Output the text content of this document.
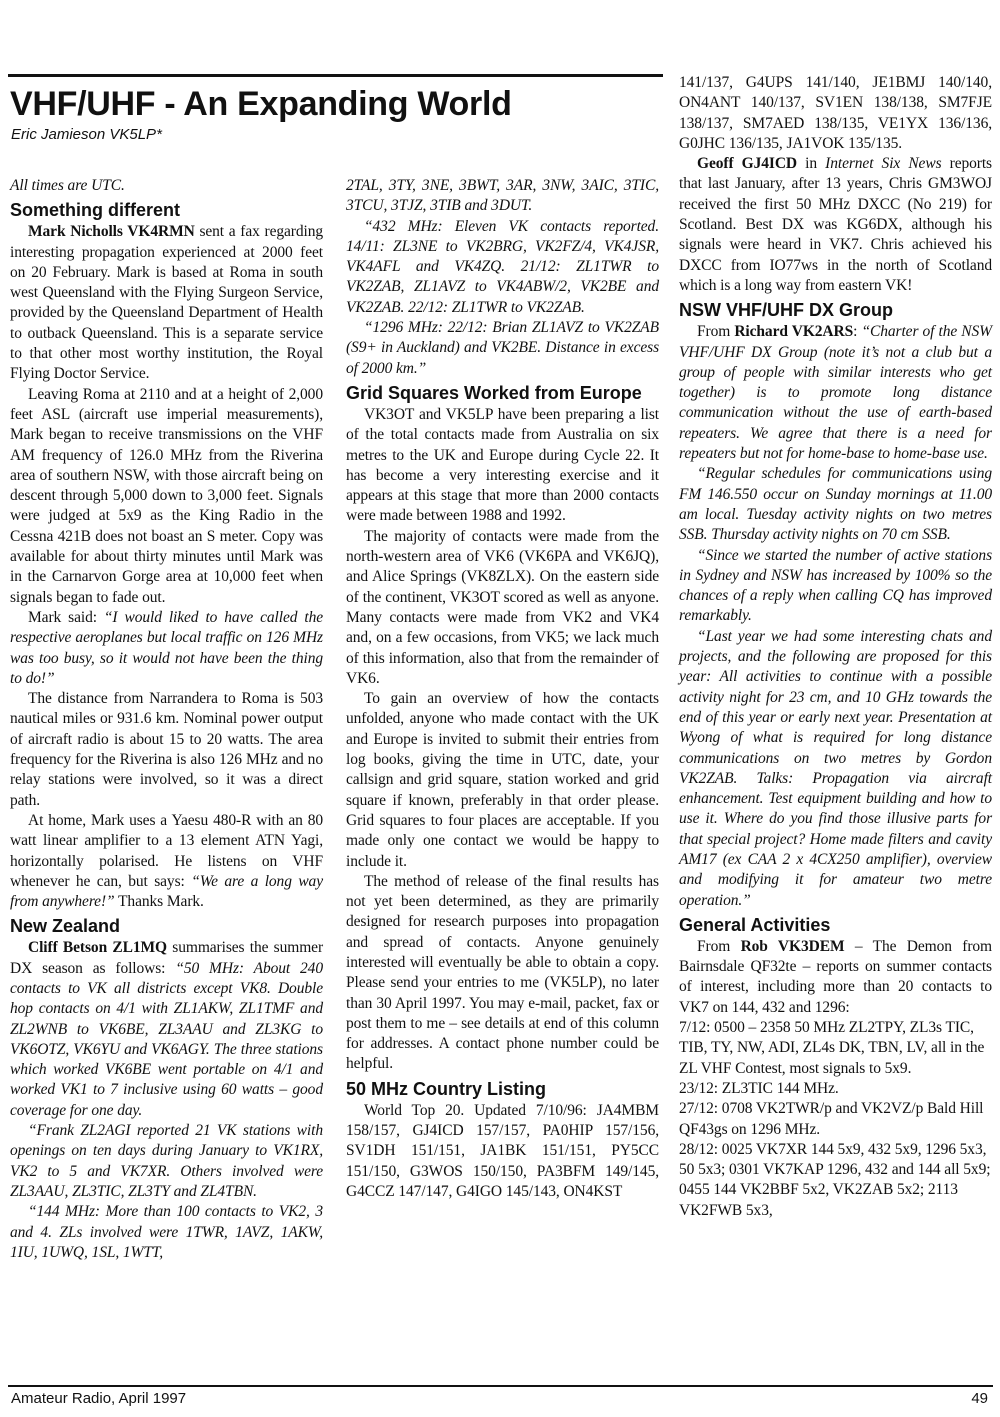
VHF/UHF - An Expanding World
Eric Jamieson VK5LP*

All times are UTC.

Something different

Mark Nicholls VK4RMN sent a fax regarding interesting propagation experienced at 2000 feet on 20 February. Mark is based at Roma in south west Queensland with the Flying Surgeon Service, provided by the Queensland Department of Health to outback Queensland. This is a separate service to that other most worthy institution, the Royal Flying Doctor Service.

Leaving Roma at 2110 and at a height of 2,000 feet ASL (aircraft use imperial measurements), Mark began to receive transmissions on the VHF AM frequency of 126.0 MHz from the Riverina area of southern NSW, with those aircraft being on descent through 5,000 down to 3,000 feet. Signals were judged at 5x9 as the King Radio in the Cessna 421B does not boast an S meter. Copy was available for about thirty minutes until Mark was in the Carnarvon Gorge area at 10,000 feet when signals began to fade out.

Mark said: “I would liked to have called the respective aeroplanes but local traffic on 126 MHz was too busy, so it would not have been the thing to do!”

The distance from Narrandera to Roma is 503 nautical miles or 931.6 km. Nominal power output of aircraft radio is about 15 to 20 watts. The area frequency for the Riverina is also 126 MHz and no relay stations were involved, so it was a direct path.

At home, Mark uses a Yaesu 480-R with an 80 watt linear amplifier to a 13 element ATN Yagi, horizontally polarised. He listens on VHF whenever he can, but says: “We are a long way from anywhere!” Thanks Mark.

New Zealand

Cliff Betson ZL1MQ summarises the summer DX season as follows: “50 MHz: About 240 contacts to VK all districts except VK8. Double hop contacts on 4/1 with ZL1AKW, ZL1TMF and ZL2WNB to VK6BE, ZL3AAU and ZL3KG to VK6OTZ, VK6YU and VK6AGY. The three stations which worked VK6BE went portable on 4/1 and worked VK1 to 7 inclusive using 60 watts – good coverage for one day.

“Frank ZL2AGI reported 21 VK stations with openings on ten days during January to VK1RX, VK2 to 5 and VK7XR. Others involved were ZL3AAU, ZL3TIC, ZL3TY and ZL4TBN.

“144 MHz: More than 100 contacts to VK2, 3 and 4. ZLs involved were 1TWR, 1AVZ, 1AKW, 1IU, 1UWQ, 1SL, 1WTT,

2TAL, 3TY, 3NE, 3BWT, 3AR, 3NW, 3AIC, 3TIC, 3TCU, 3TJZ, 3TIB and 3DUT.

“432 MHz: Eleven VK contacts reported. 14/11: ZL3NE to VK2BRG, VK2FZ/4, VK4JSR, VK4AFL and VK4ZQ. 21/12: ZL1TWR to VK2ZAB, ZL1AVZ to VK4ABW/2, VK2BE and VK2ZAB. 22/12: ZL1TWR to VK2ZAB.

“1296 MHz: 22/12: Brian ZL1AVZ to VK2ZAB (S9+ in Auckland) and VK2BE. Distance in excess of 2000 km.”

Grid Squares Worked from Europe

VK3OT and VK5LP have been preparing a list of the total contacts made from Australia on six metres to the UK and Europe during Cycle 22. It has become a very interesting exercise and it appears at this stage that more than 2000 contacts were made between 1988 and 1992.

The majority of contacts were made from the north-western area of VK6 (VK6PA and VK6JQ), and Alice Springs (VK8ZLX). On the eastern side of the continent, VK3OT scored as well as anyone. Many contacts were made from VK2 and VK4 and, on a few occasions, from VK5; we lack much of this information, also that from the remainder of VK6.

To gain an overview of how the contacts unfolded, anyone who made contact with the UK and Europe is invited to submit their entries from log books, giving the time in UTC, date, your callsign and grid square, station worked and grid square if known, preferably in that order please. Grid squares to four places are acceptable. If you made only one contact we would be happy to include it.

The method of release of the final results has not yet been determined, as they are primarily designed for research purposes into propagation and spread of contacts. Anyone genuinely interested will eventually be able to obtain a copy. Please send your entries to me (VK5LP), no later than 30 April 1997. You may e-mail, packet, fax or post them to me – see details at end of this column for addresses. A contact phone number could be helpful.

50 MHz Country Listing

World Top 20. Updated 7/10/96: JA4MBM 158/157, GJ4ICD 157/157, PA0HIP 157/156, SV1DH 151/151, JA1BK 151/151, PY5CC 151/150, G3WOS 150/150, PA3BFM 149/145, G4CCZ 147/147, G4IGO 145/143, ON4KST

141/137, G4UPS 141/140, JE1BMJ 140/140, ON4ANT 140/137, SV1EN 138/138, SM7FJE 138/137, SM7AED 138/135, VE1YX 136/136, G0JHC 136/135, JA1VOK 135/135.

Geoff GJ4ICD in Internet Six News reports that last January, after 13 years, Chris GM3WOJ received the first 50 MHz DXCC (No 219) for Scotland. Best DX was KG6DX, although his signals were heard in VK7. Chris achieved his DXCC from IO77ws in the north of Scotland which is a long way from eastern VK!

NSW VHF/UHF DX Group

From Richard VK2ARS: “Charter of the NSW VHF/UHF DX Group (note it’s not a club but a group of people with similar interests who get together) is to promote long distance communication without the use of earth-based repeaters. We agree that there is a need for repeaters but not for home-base to home-base use.

“Regular schedules for communications using FM 146.550 occur on Sunday mornings at 11.00 am local. Tuesday activity nights on two metres SSB. Thursday activity nights on 70 cm SSB.

“Since we started the number of active stations in Sydney and NSW has increased by 100% so the chances of a reply when calling CQ has improved remarkably.

“Last year we had some interesting chats and projects, and the following are proposed for this year: All activities to continue with a possible activity night for 23 cm, and 10 GHz towards the end of this year or early next year. Presentation at Wyong of what is required for long distance communications on two metres by Gordon VK2ZAB. Talks: Propagation via aircraft enhancement. Test equipment building and how to use it. Where do you find those illusive parts for that special project? Home made filters and cavity AM17 (ex CAA 2 x 4CX250 amplifier), overview and modifying it for amateur two metre operation.”

General Activities

From Rob VK3DEM – The Demon from Bairnsdale QF32te – reports on summer contacts of interest, including more than 20 contacts to VK7 on 144, 432 and 1296:

7/12: 0500 – 2358 50 MHz ZL2TPY, ZL3s TIC, TIB, TY, NW, ADI, ZL4s DK, TBN, LV, all in the ZL VHF Contest, most signals to 5x9.

23/12: ZL3TIC 144 MHz.

27/12: 0708 VK2TWR/p and VK2VZ/p Bald Hill QF43gs on 1296 MHz.

28/12: 0025 VK7XR 144 5x9, 432 5x9, 1296 5x3, 50 5x3; 0301 VK7KAP 1296, 432 and 144 all 5x9; 0455 144 VK2BBF 5x2, VK2ZAB 5x2; 2113 VK2FWB 5x3,

Amateur Radio, April 1997	49
